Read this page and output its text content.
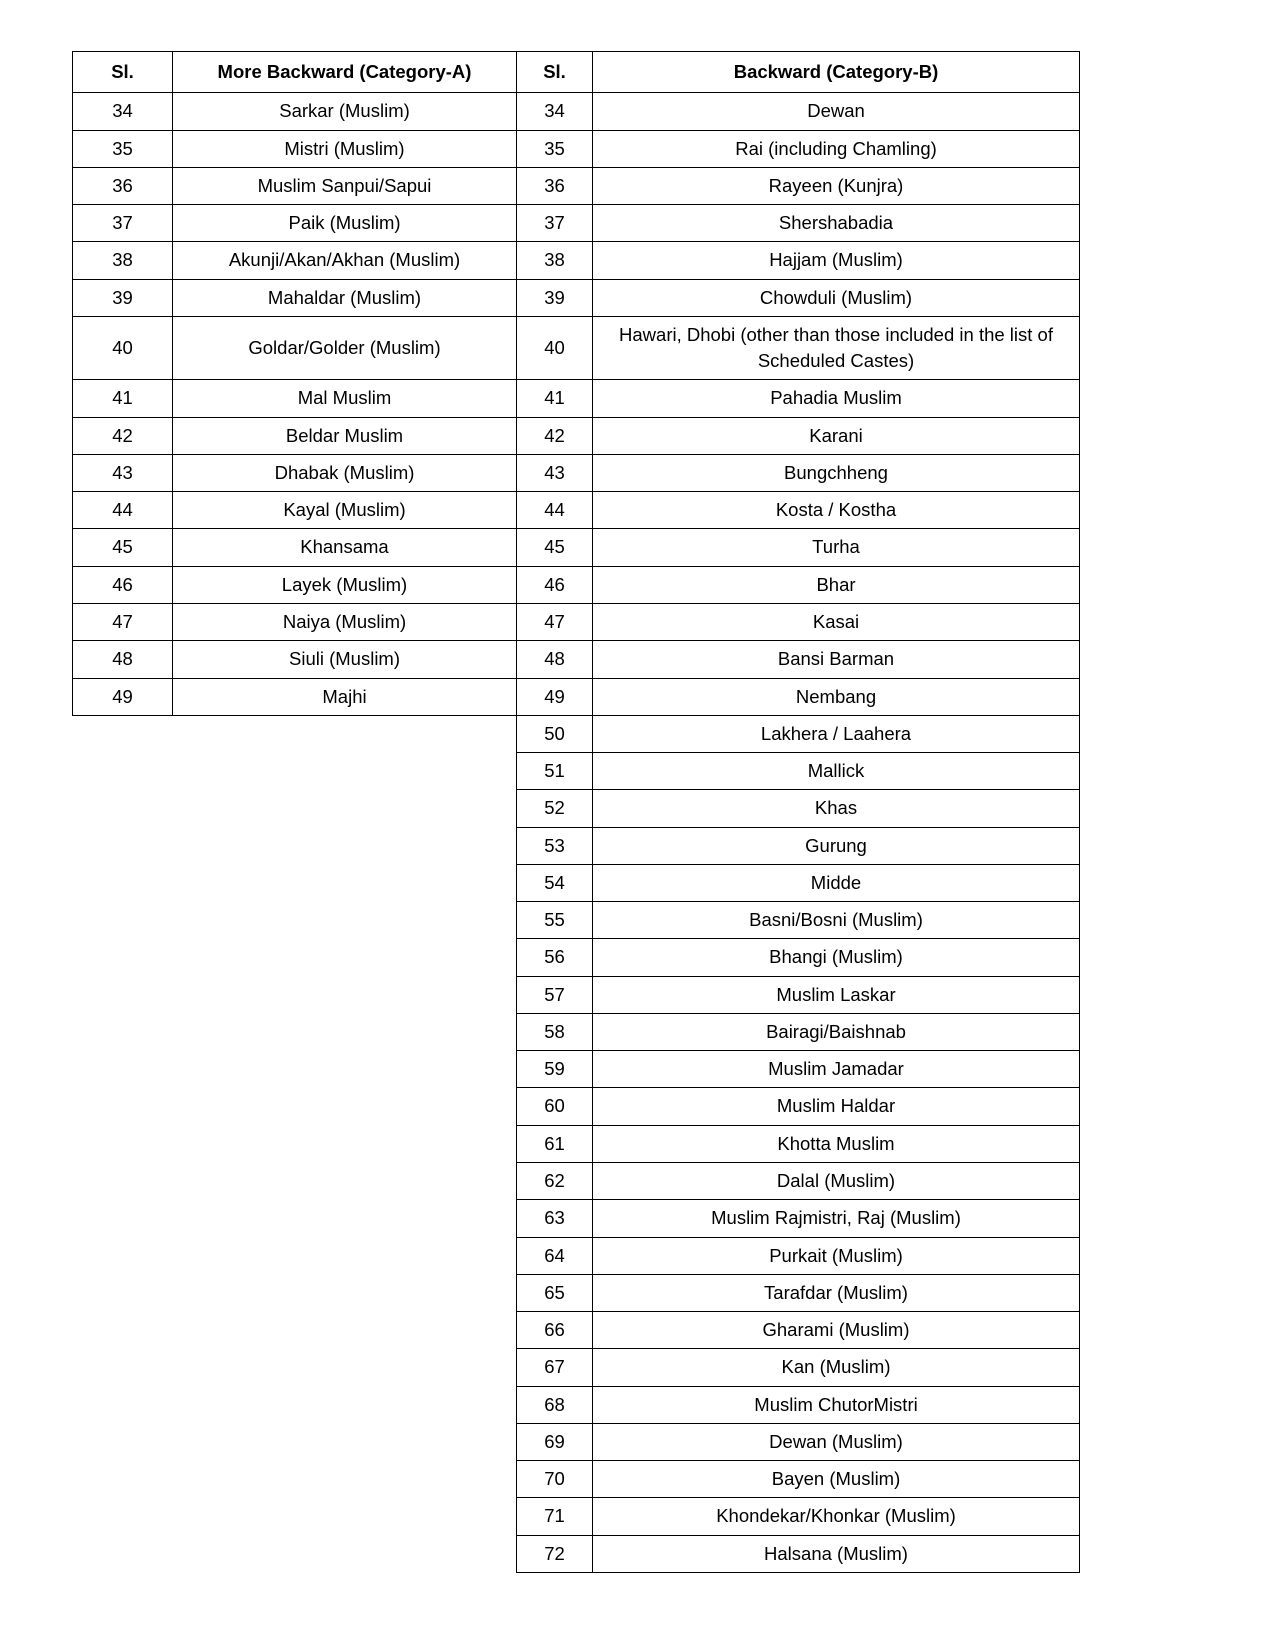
Sl.	More Backward (Category-A)	Sl.	Backward (Category-B)
34	Sarkar (Muslim)	34	Dewan
35	Mistri (Muslim)	35	Rai (including Chamling)
36	Muslim Sanpui/Sapui	36	Rayeen (Kunjra)
37	Paik (Muslim)	37	Shershabadia
38	Akunji/Akan/Akhan (Muslim)	38	Hajjam (Muslim)
39	Mahaldar (Muslim)	39	Chowduli (Muslim)
40	Goldar/Golder (Muslim)	40	Hawari, Dhobi (other than those included in the list of Scheduled Castes)
41	Mal Muslim	41	Pahadia Muslim
42	Beldar Muslim	42	Karani
43	Dhabak (Muslim)	43	Bungchheng
44	Kayal (Muslim)	44	Kosta / Kostha
45	Khansama	45	Turha
46	Layek (Muslim)	46	Bhar
47	Naiya (Muslim)	47	Kasai
48	Siuli (Muslim)	48	Bansi Barman
49	Majhi	49	Nembang
		50	Lakhera / Laahera
		51	Mallick
		52	Khas
		53	Gurung
		54	Midde
		55	Basni/Bosni (Muslim)
		56	Bhangi (Muslim)
		57	Muslim Laskar
		58	Bairagi/Baishnab
		59	Muslim Jamadar
		60	Muslim Haldar
		61	Khotta Muslim
		62	Dalal (Muslim)
		63	Muslim Rajmistri, Raj (Muslim)
		64	Purkait (Muslim)
		65	Tarafdar (Muslim)
		66	Gharami (Muslim)
		67	Kan (Muslim)
		68	Muslim ChutorMistri
		69	Dewan (Muslim)
		70	Bayen (Muslim)
		71	Khondekar/Khonkar (Muslim)
		72	Halsana (Muslim)
